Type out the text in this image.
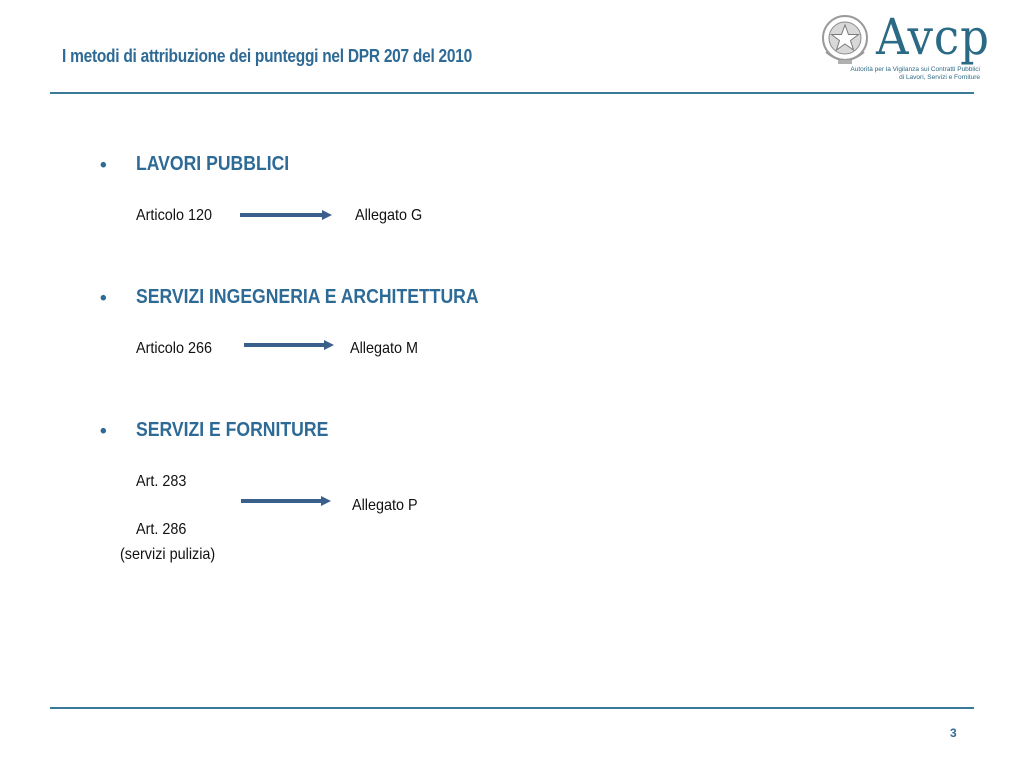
I metodi di attribuzione dei punteggi nel DPR 207 del 2010	Avcp
Autorità per la Vigilanza sui Contratti Pubblici
di Lavori, Servizi e Forniture
• LAVORI PUBBLICI
Articolo 120	Allegato G
• SERVIZI INGEGNERIA E ARCHITETTURA
Articolo 266	Allegato M
• SERVIZI E FORNITURE
Art. 283
Allegato P
Art. 286
(servizi pulizia)
3
